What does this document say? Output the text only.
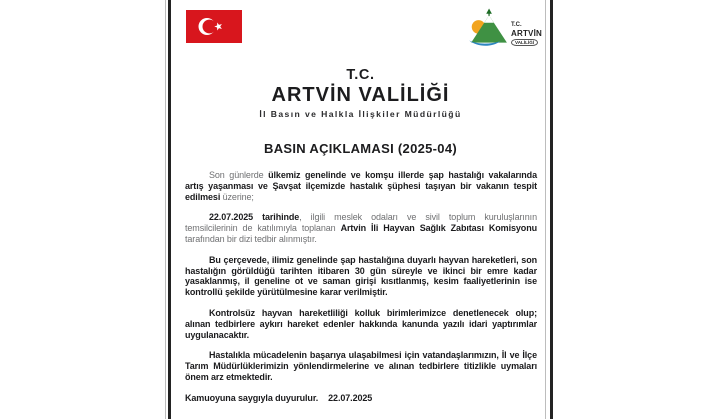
T.C.
ARTVİN
VALİLİĞİ
T.C.
ARTVİN VALİLİĞİ
İl Basın ve Halkla İlişkiler Müdürlüğü
BASIN AÇIKLAMASI (2025-04)

Son günlerde ülkemiz genelinde ve komşu illerde şap hastalığı vakalarında artış yaşanması ve Şavşat ilçemizde hastalık şüphesi taşıyan bir vakanın tespit edilmesi üzerine;

22.07.2025 tarihinde, ilgili meslek odaları ve sivil toplum kuruluşlarının temsilcilerinin de katılımıyla toplanan Artvin İli Hayvan Sağlık Zabıtası Komisyonu tarafından bir dizi tedbir alınmıştır.

Bu çerçevede, ilimiz genelinde şap hastalığına duyarlı hayvan hareketleri, son hastalığın görüldüğü tarihten itibaren 30 gün süreyle ve ikinci bir emre kadar yasaklanmış, il geneline ot ve saman girişi kısıtlanmış, kesim faaliyetlerinin ise kontrollü şekilde yürütülmesine karar verilmiştir.

Kontrolsüz hayvan hareketliliği kolluk birimlerimizce denetlenecek olup; alınan tedbirlere aykırı hareket edenler hakkında kanunda yazılı idari yaptırımlar uygulanacaktır.

Hastalıkla mücadelenin başarıya ulaşabilmesi için vatandaşlarımızın, İl ve İlçe Tarım Müdürlüklerimizin yönlendirmelerine ve alınan tedbirlere titizlikle uymaları önem arz etmektedir.

Kamuoyuna saygıyla duyurulur. 22.07.2025
